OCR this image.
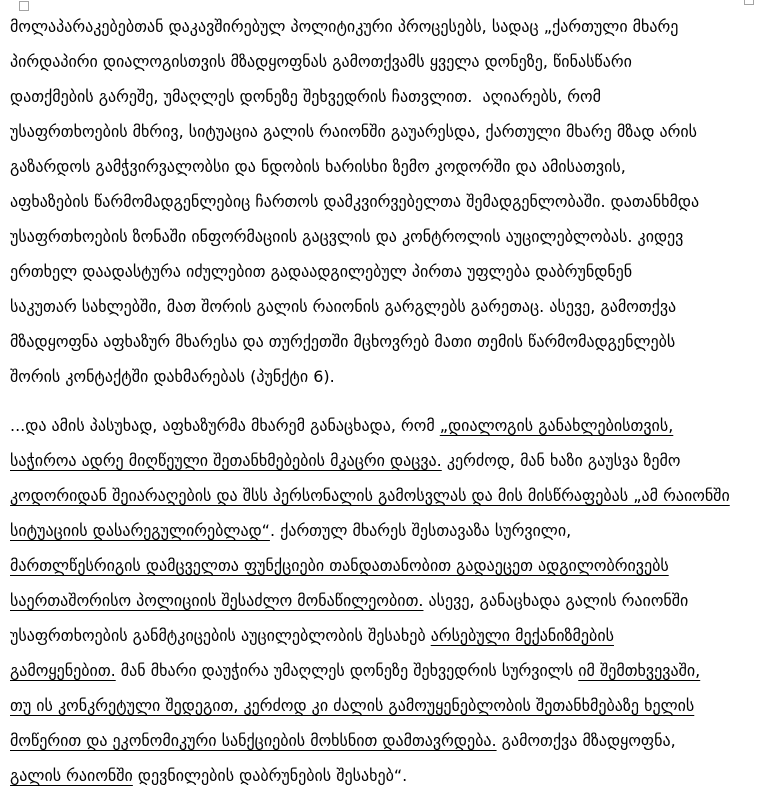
მოლაპარაკებებთან დაკავშირებულ პოლიტიკური პროცესებს, სადაც „ქართული მხარე
პირდაპირი დიალოგისთვის მზადყოფნას გამოთქვამს ყველა დონეზე, წინასწარი
დათქმების გარეშე, უმაღლეს დონეზე შეხვედრის ჩათვლით.  აღიარებს, რომ
უსაფრთხოების მხრივ, სიტუაცია გალის რაიონში გაუარესდა, ქართული მხარე მზად არის
გაზარდოს გამჭვირვალობსი და ნდობის ხარისხი ზემო კოდორში და ამისათვის,
აფხაზების წარმომადგენლებიც ჩართოს დამკვირვებელთა შემადგენლობაში. დათანხმდა
უსაფრთხოების ზონაში ინფორმაციის გაცვლის და კონტროლის აუცილებლობას. კიდევ
ერთხელ დაადასტურა იძულებით გადაადგილებულ პირთა უფლება დაბრუნდნენ
საკუთარ სახლებში, მათ შორის გალის რაიონის გარგლებს გარეთაც. ასევე, გამოთქვა
მზადყოფნა აფხაზურ მხარესა და თურქეთში მცხოვრებ მათი თემის წარმომადგენლებს
შორის კონტაქტში დახმარებას (პუნქტი 6).
...და ამის პასუხად, აფხაზურმა მხარემ განაცხადა, რომ „დიალოგის განახლებისთვის,
საჭიროა ადრე მიღწეული შეთანხმებების მკაცრი დაცვა. კერძოდ, მან ხაზი გაუსვა ზემო
კოდორიდან შეიარაღების და შსს პერსონალის გამოსვლას და მის მისწრაფებას „ამ რაიონში
სიტუაციის დასარეგულირებლად“. ქართულ მხარეს შესთავაზა სურვილი,
მართლწესრიგის დამცველთა ფუნქციები თანდათანობით გადაეცეთ ადგილობრივებს
საერთაშორისო პოლიციის შესაძლო მონაწილეობით. ასევე, განაცხადა გალის რაიონში
უსაფრთხოების განმტკიცების აუცილებლობის შესახებ არსებული მექანიზმების
გამოყენებით. მან მხარი დაუჭირა უმაღლეს დონეზე შეხვედრის სურვილს იმ შემთხვევაში,
თუ ის კონკრეტული შედეგით, კერძოდ კი ძალის გამოუყენებლობის შეთანხმებაზე ხელის
მოწერით და ეკონომიკური სანქციების მოხსნით დამთავრდება. გამოთქვა მზადყოფნა,
გალის რაიონში დევნილების დაბრუნების შესახებ“.
